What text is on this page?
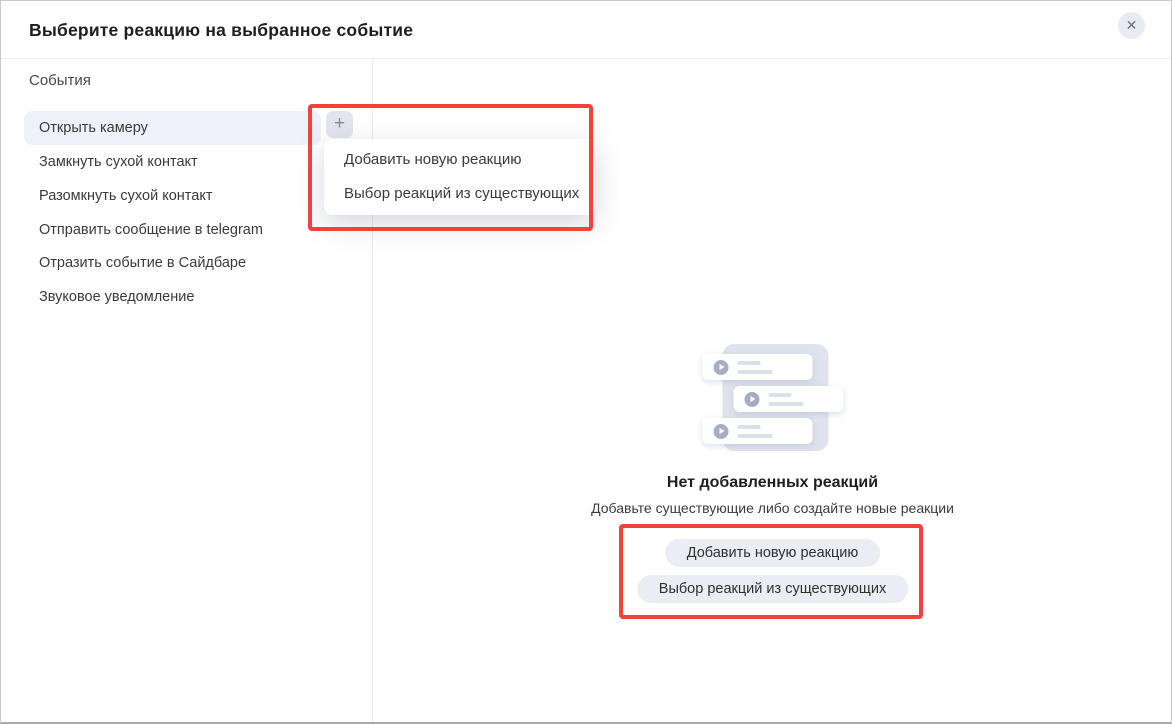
Выберите реакцию на выбранное событие	✕
События
Открыть камеру
Замкнуть сухой контакт
Разомкнуть сухой контакт
Отправить сообщение в telegram
Отразить событие в Сайдбаре
Звуковое уведомление
Нет добавленных реакций
Добавьте существующие либо создайте новые реакции
Добавить новую реакцию
Выбор реакций из существующих
+
Добавить новую реакцию
Выбор реакций из существующих
